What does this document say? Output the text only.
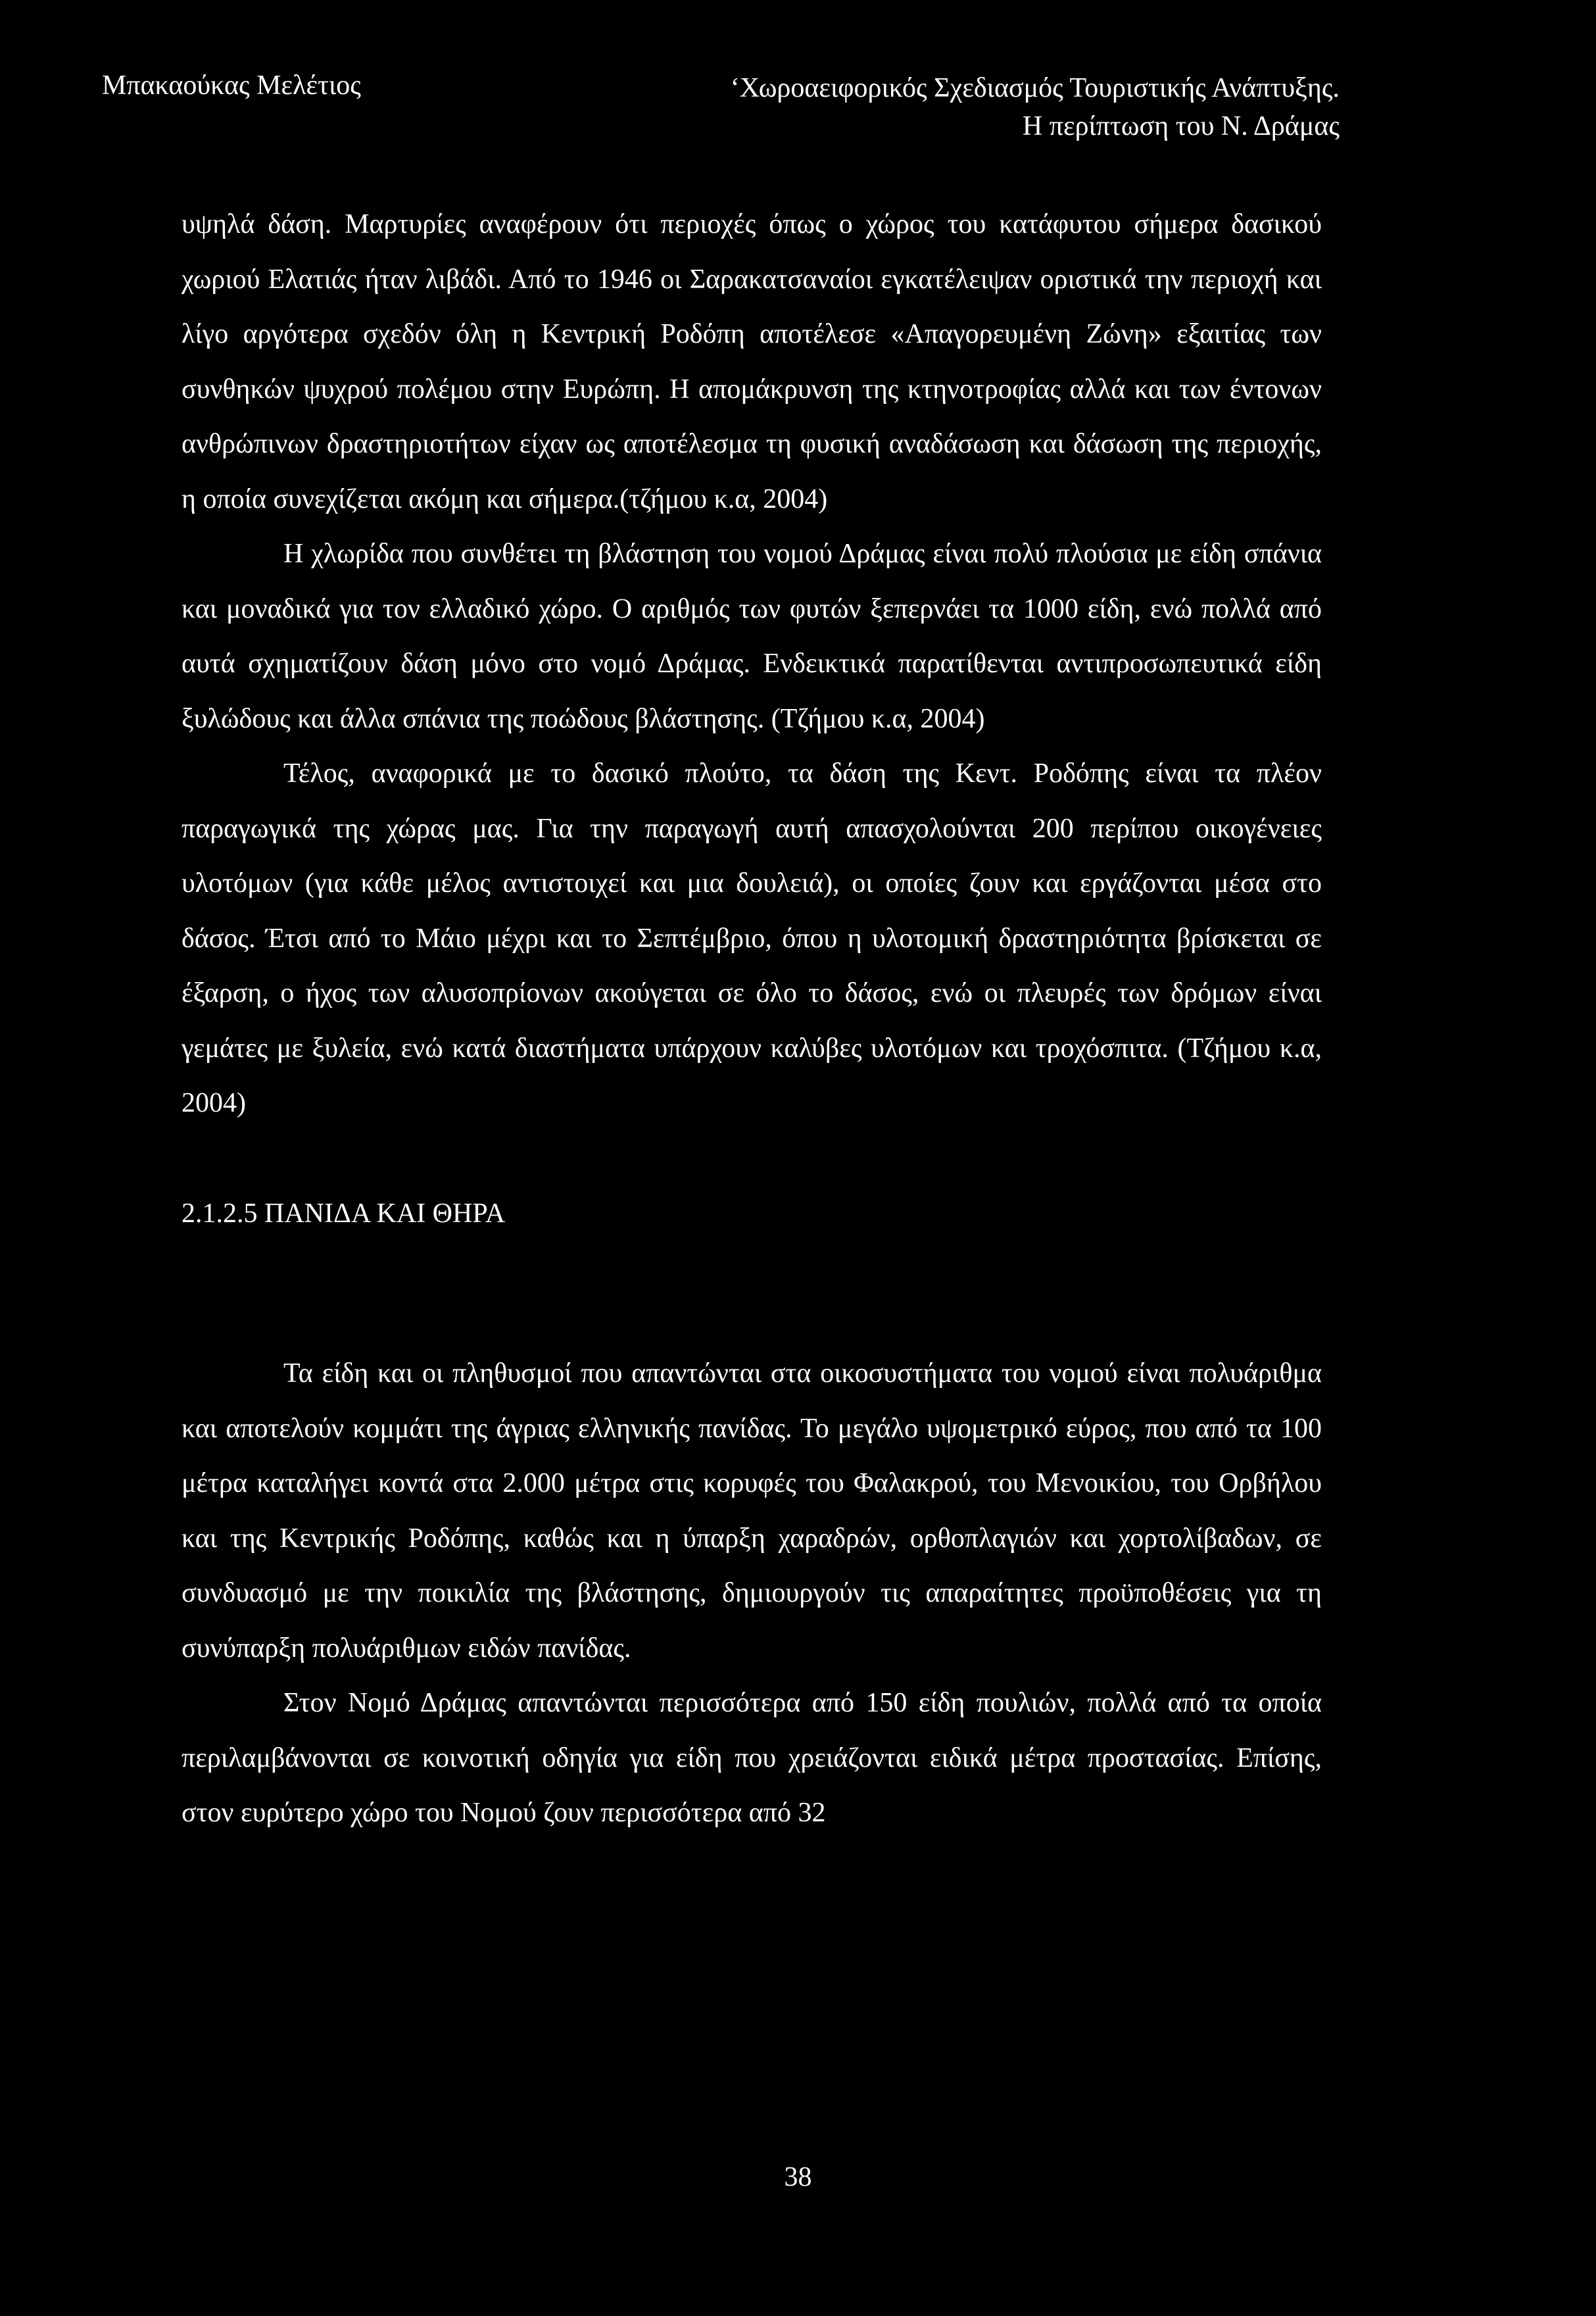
Μπακαούκας Μελέτιος	‘Χωροαειφορικός Σχεδιασμός Τουριστικής Ανάπτυξης.
Η περίπτωση του Ν. Δράμας

υψηλά δάση. Μαρτυρίες αναφέρουν ότι περιοχές όπως ο χώρος του κατάφυτου σήμερα δασικού χωριού Ελατιάς ήταν λιβάδι. Από το 1946 οι Σαρακατσαναίοι εγκατέλειψαν οριστικά την περιοχή και λίγο αργότερα σχεδόν όλη η Κεντρική Ροδόπη αποτέλεσε «Απαγορευμένη Ζώνη» εξαιτίας των συνθηκών ψυχρού πολέμου στην Ευρώπη. Η απομάκρυνση της κτηνοτροφίας αλλά και των έντονων ανθρώπινων δραστηριοτήτων είχαν ως αποτέλεσμα τη φυσική αναδάσωση και δάσωση της περιοχής, η οποία συνεχίζεται ακόμη και σήμερα.(τζήμου κ.α, 2004)

Η χλωρίδα που συνθέτει τη βλάστηση του νομού Δράμας είναι πολύ πλούσια με είδη σπάνια και μοναδικά για τον ελλαδικό χώρο. Ο αριθμός των φυτών ξεπερνάει τα 1000 είδη, ενώ πολλά από αυτά σχηματίζουν δάση μόνο στο νομό Δράμας. Ενδεικτικά παρατίθενται αντιπροσωπευτικά είδη ξυλώδους και άλλα σπάνια της ποώδους βλάστησης. (Τζήμου κ.α, 2004)

Τέλος, αναφορικά με το δασικό πλούτο, τα δάση της Κεντ. Ροδόπης είναι τα πλέον παραγωγικά της χώρας μας. Για την παραγωγή αυτή απασχολούνται 200 περίπου οικογένειες υλοτόμων (για κάθε μέλος αντιστοιχεί και μια δουλειά), οι οποίες ζουν και εργάζονται μέσα στο δάσος. Έτσι από το Μάιο μέχρι και το Σεπτέμβριο, όπου η υλοτομική δραστηριότητα βρίσκεται σε έξαρση, ο ήχος των αλυσοπρίονων ακούγεται σε όλο το δάσος, ενώ οι πλευρές των δρόμων είναι γεμάτες με ξυλεία, ενώ κατά διαστήματα υπάρχουν καλύβες υλοτόμων και τροχόσπιτα. (Τζήμου κ.α, 2004)

2.1.2.5 ΠΑΝΙΔΑ ΚΑΙ ΘΗΡΑ

Τα είδη και οι πληθυσμοί που απαντώνται στα οικοσυστήματα του νομού είναι πολυάριθμα και αποτελούν κομμάτι της άγριας ελληνικής πανίδας. Το μεγάλο υψομετρικό εύρος, που από τα 100 μέτρα καταλήγει κοντά στα 2.000 μέτρα στις κορυφές του Φαλακρού, του Μενοικίου, του Ορβήλου και της Κεντρικής Ροδόπης, καθώς και η ύπαρξη χαραδρών, ορθοπλαγιών και χορτολίβαδων, σε συνδυασμό με την ποικιλία της βλάστησης, δημιουργούν τις απαραίτητες προϋποθέσεις για τη συνύπαρξη πολυάριθμων ειδών πανίδας.

Στον Νομό Δράμας απαντώνται περισσότερα από 150 είδη πουλιών, πολλά από τα οποία περιλαμβάνονται σε κοινοτική οδηγία για είδη που χρειάζονται ειδικά μέτρα προστασίας. Επίσης, στον ευρύτερο χώρο του Νομού ζουν περισσότερα από 32

38
